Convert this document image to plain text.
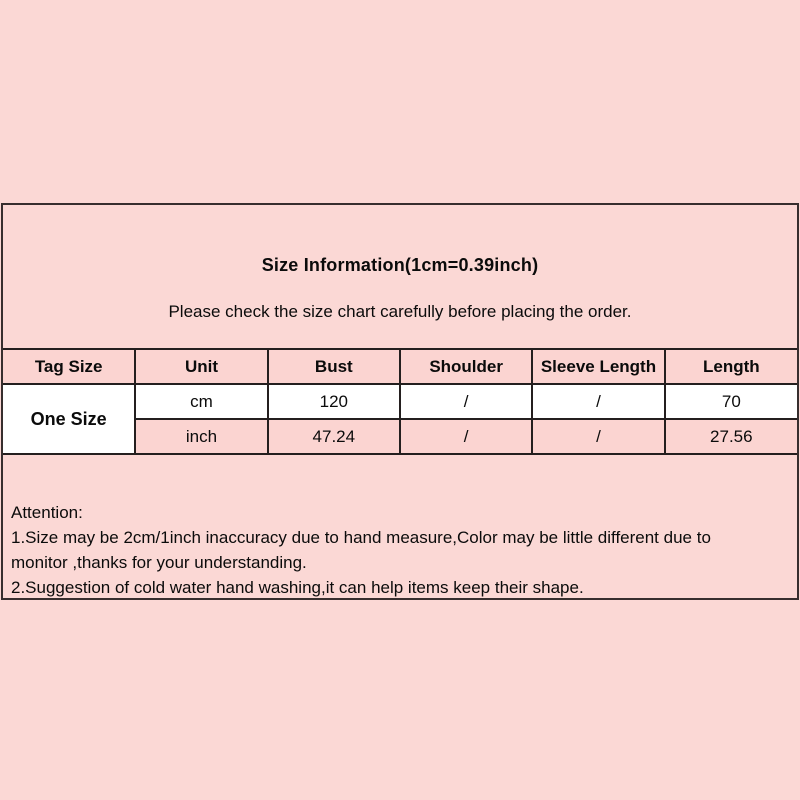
Size Information(1cm=0.39inch)
Please check the size chart carefully before placing the order.
Tag Size	Unit	Bust	Shoulder	Sleeve Length	Length
One Size	cm	120	/	/	70
	inch	47.24	/	/	27.56
Attention:
1.Size may be 2cm/1inch inaccuracy due to hand measure,Color may be little different due to
monitor ,thanks for your understanding.
2.Suggestion of cold water hand washing,it can help items keep their shape.
